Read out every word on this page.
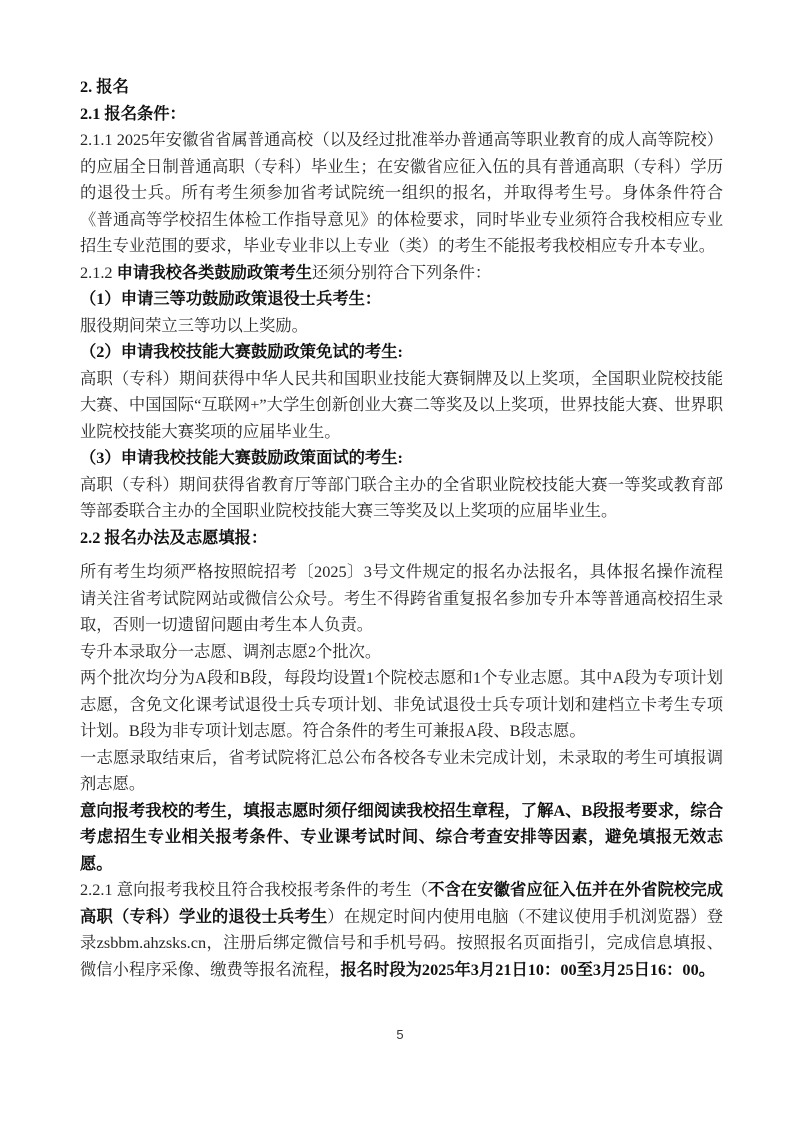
2. 报名

2.1 报名条件：

2.1.1 2025年安徽省省属普通高校（以及经过批准举办普通高等职业教育的成人高等院校）的应届全日制普通高职（专科）毕业生；在安徽省应征入伍的具有普通高职（专科）学历的退役士兵。所有考生须参加省考试院统一组织的报名，并取得考生号。身体条件符合《普通高等学校招生体检工作指导意见》的体检要求，同时毕业专业须符合我校相应专业招生专业范围的要求，毕业专业非以上专业（类）的考生不能报考我校相应专升本专业。

2.1.2 申请我校各类鼓励政策考生还须分别符合下列条件：

（1）申请三等功鼓励政策退役士兵考生：

服役期间荣立三等功以上奖励。

（2）申请我校技能大赛鼓励政策免试的考生:

高职（专科）期间获得中华人民共和国职业技能大赛铜牌及以上奖项，全国职业院校技能大赛、中国国际“互联网+”大学生创新创业大赛二等奖及以上奖项，世界技能大赛、世界职业院校技能大赛奖项的应届毕业生。

（3）申请我校技能大赛鼓励政策面试的考生:

高职（专科）期间获得省教育厅等部门联合主办的全省职业院校技能大赛一等奖或教育部等部委联合主办的全国职业院校技能大赛三等奖及以上奖项的应届毕业生。

2.2 报名办法及志愿填报：

所有考生均须严格按照皖招考〔2025〕3号文件规定的报名办法报名，具体报名操作流程请关注省考试院网站或微信公众号。考生不得跨省重复报名参加专升本等普通高校招生录取，否则一切遗留问题由考生本人负责。

专升本录取分一志愿、调剂志愿2个批次。

两个批次均分为A段和B段，每段均设置1个院校志愿和1个专业志愿。其中A段为专项计划志愿，含免文化课考试退役士兵专项计划、非免试退役士兵专项计划和建档立卡考生专项计划。B段为非专项计划志愿。符合条件的考生可兼报A段、B段志愿。

一志愿录取结束后，省考试院将汇总公布各校各专业未完成计划，未录取的考生可填报调剂志愿。

意向报考我校的考生，填报志愿时须仔细阅读我校招生章程，了解A、B段报考要求，综合考虑招生专业相关报考条件、专业课考试时间、综合考查安排等因素，避免填报无效志愿。

2.2.1 意向报考我校且符合我校报考条件的考生（不含在安徽省应征入伍并在外省院校完成高职（专科）学业的退役士兵考生）在规定时间内使用电脑（不建议使用手机浏览器）登录zsbbm.ahzsks.cn，注册后绑定微信号和手机号码。按照报名页面指引，完成信息填报、微信小程序采像、缴费等报名流程，报名时段为2025年3月21日10：00至3月25日16：00。

5
